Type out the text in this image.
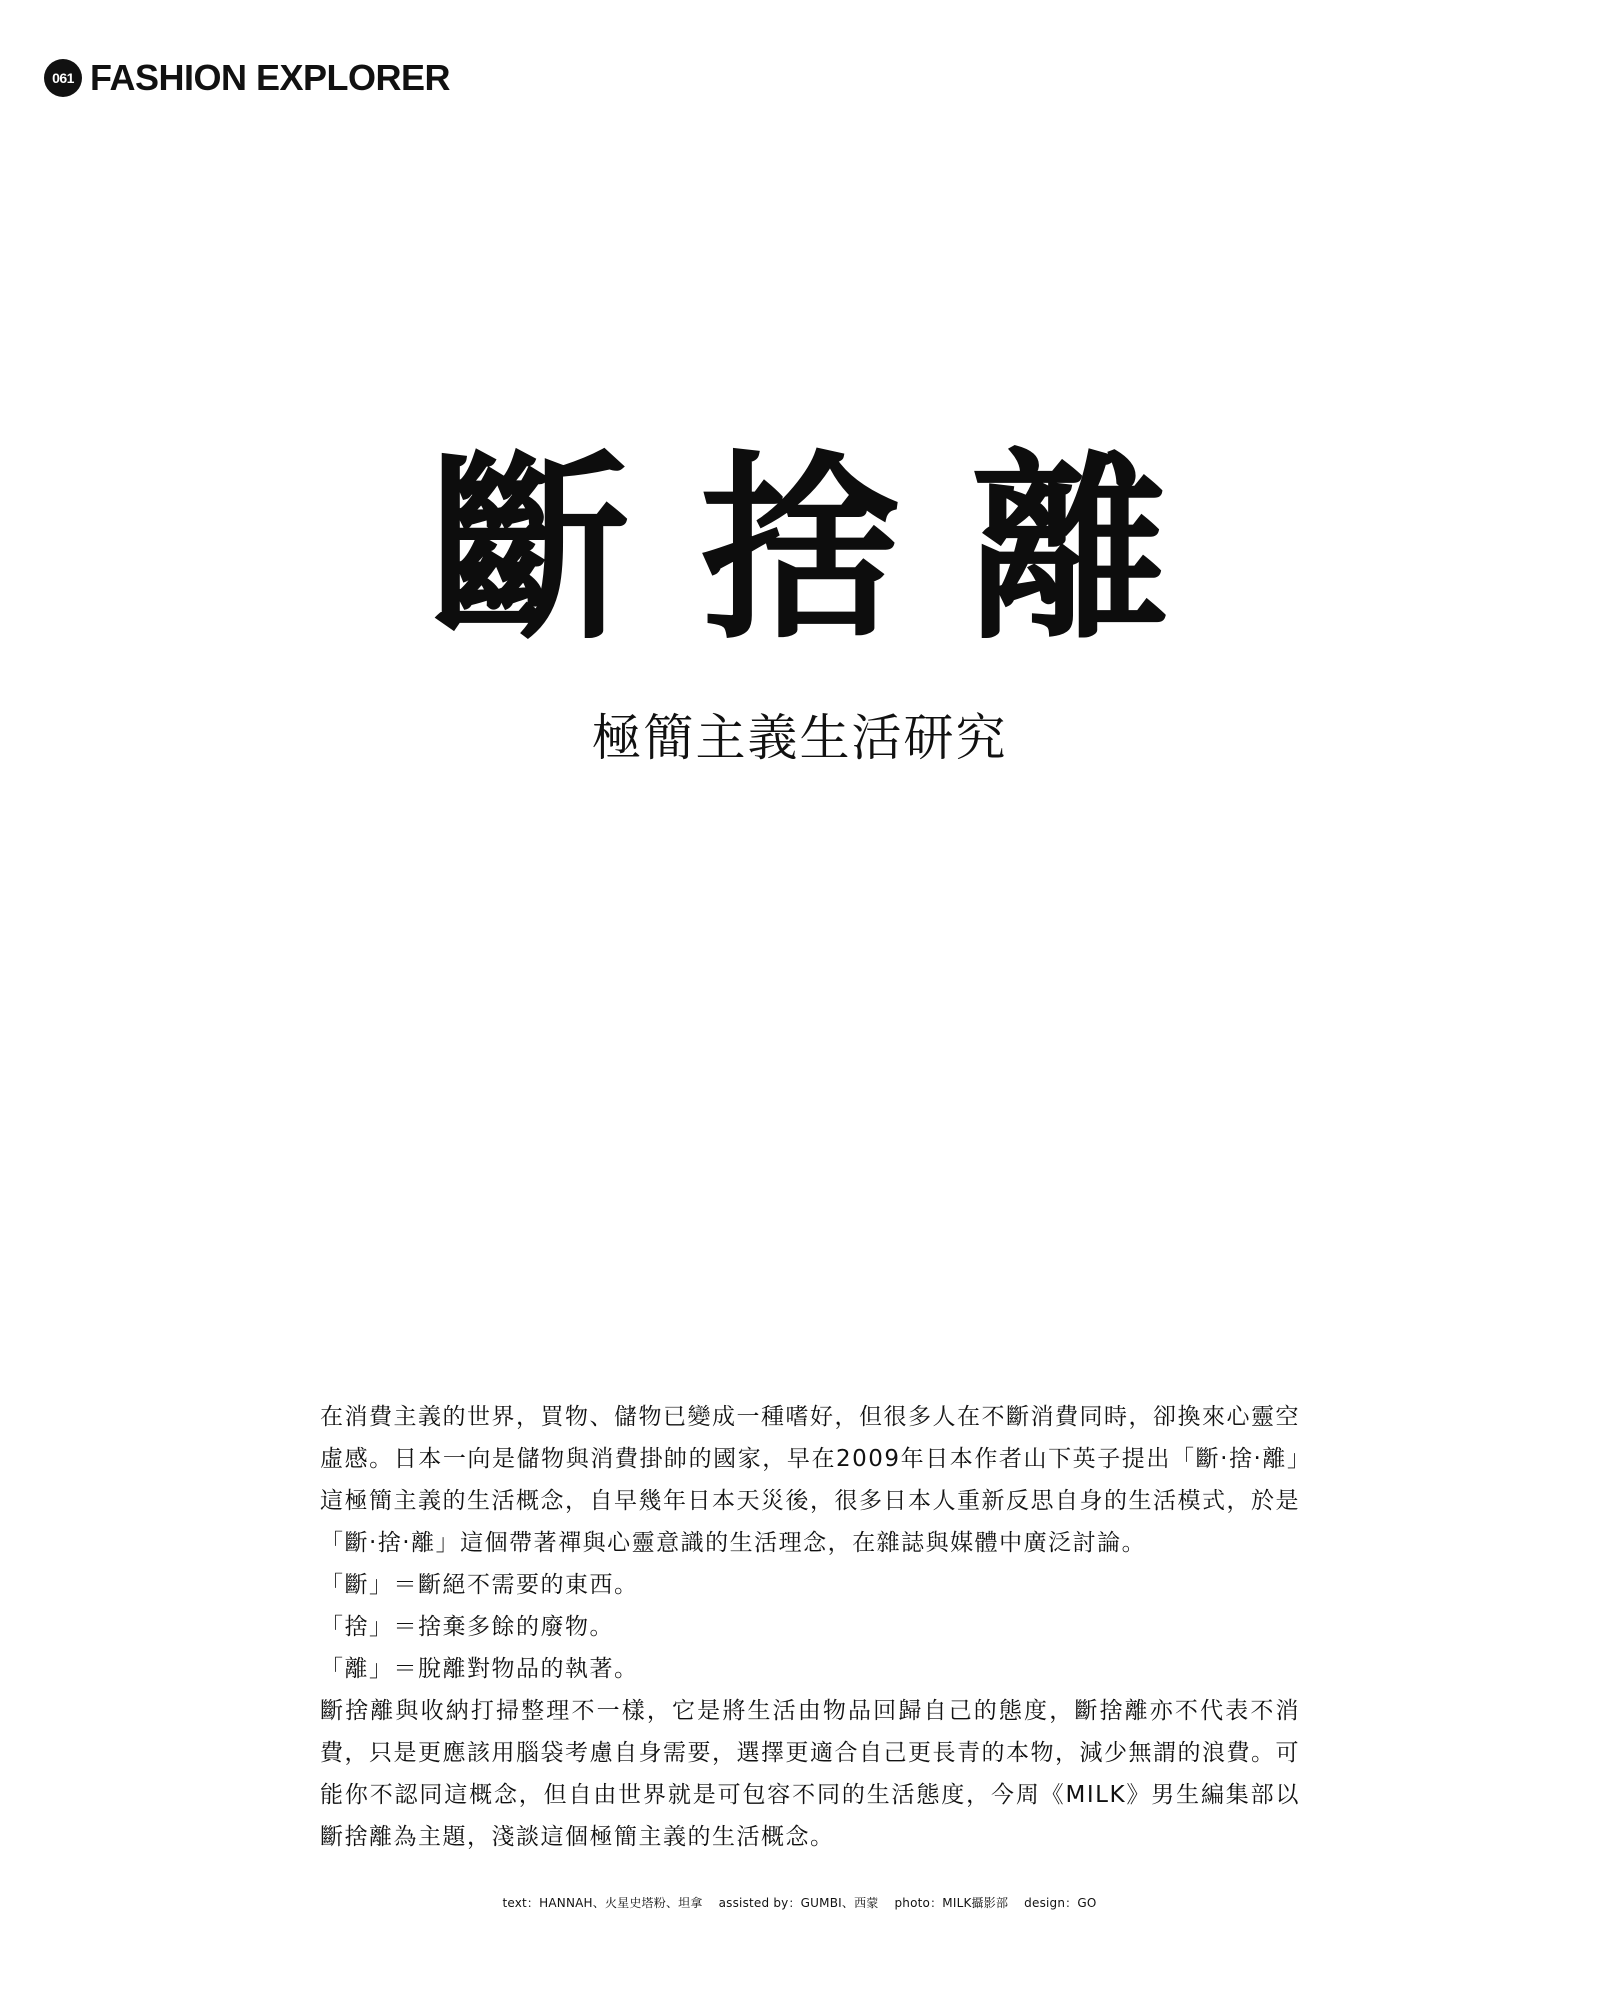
061 FASHION EXPLORER
斷捨離
極簡主義生活研究

在消費主義的世界，買物、儲物已變成一種嗜好，但很多人在不斷消費同時，卻換來心靈空虛感。日本一向是儲物與消費掛帥的國家，早在2009年日本作者山下英子提出「斷‧捨‧離」這極簡主義的生活概念，自早幾年日本天災後，很多日本人重新反思自身的生活模式，於是「斷‧捨‧離」這個帶著禪與心靈意識的生活理念，在雜誌與媒體中廣泛討論。

「斷」＝斷絕不需要的東西。

「捨」＝捨棄多餘的廢物。

「離」＝脫離對物品的執著。

斷捨離與收納打掃整理不一樣，它是將生活由物品回歸自己的態度，斷捨離亦不代表不消費，只是更應該用腦袋考慮自身需要，選擇更適合自己更長青的本物，減少無謂的浪費。可能你不認同這概念，但自由世界就是可包容不同的生活態度，今周《MILK》男生編集部以斷捨離為主題，淺談這個極簡主義的生活概念。

text：HANNAH、火星史塔粉、坦拿 assisted by：GUMBI、西蒙 photo：MILK攝影部 design：GO
